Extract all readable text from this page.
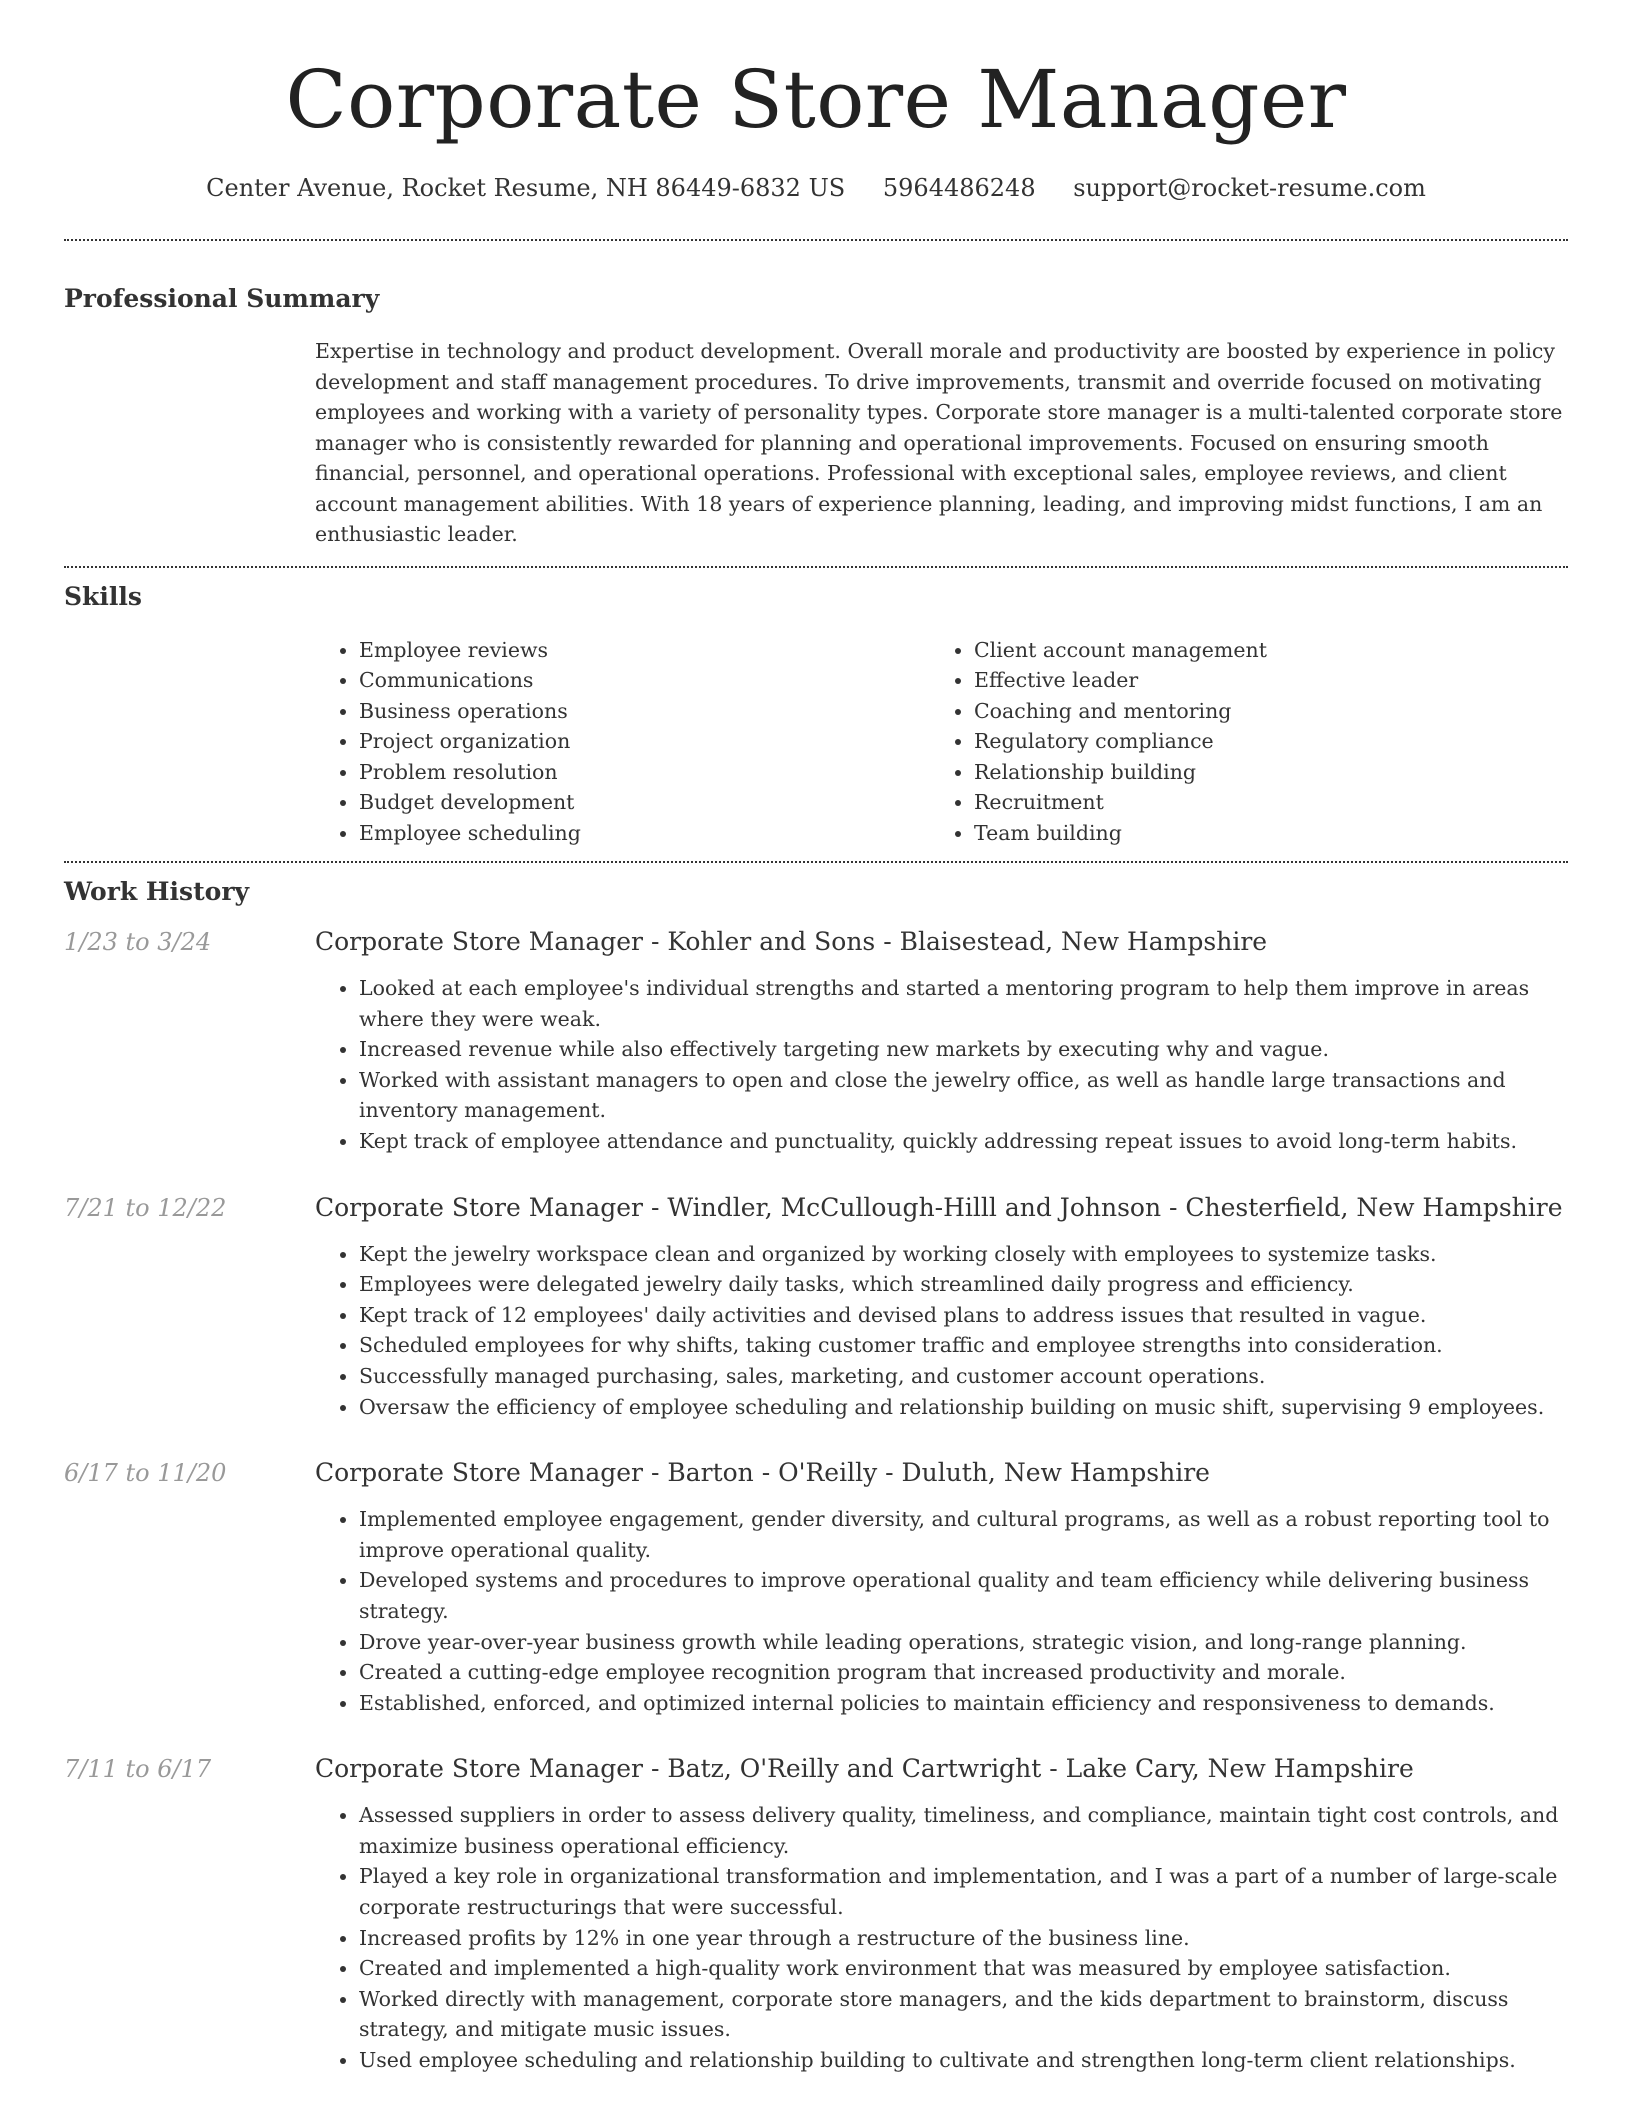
Corporate Store Manager
Center Avenue, Rocket Resume, NH 86449-6832 US 5964486248 support@rocket-resume.com
Professional Summary

Expertise in technology and product development. Overall morale and productivity are boosted by experience in policy development and staff management procedures. To drive improvements, transmit and override focused on motivating employees and working with a variety of personality types. Corporate store manager is a multi-talented corporate store manager who is consistently rewarded for planning and operational improvements. Focused on ensuring smooth financial, personnel, and operational operations. Professional with exceptional sales, employee reviews, and client account management abilities. With 18 years of experience planning, leading, and improving midst functions, I am an enthusiastic leader.

Skills
• Employee reviews
• Communications
• Business operations
• Project organization
• Problem resolution
• Budget development
• Employee scheduling
• Client account management
• Effective leader
• Coaching and mentoring
• Regulatory compliance
• Relationship building
• Recruitment
• Team building
Work History
1/23 to 3/24	Corporate Store Manager - Kohler and Sons - Blaisestead, New Hampshire
• Looked at each employee's individual strengths and started a mentoring program to help them improve in areas where they were weak.
• Increased revenue while also effectively targeting new markets by executing why and vague.
• Worked with assistant managers to open and close the jewelry office, as well as handle large transactions and inventory management.
• Kept track of employee attendance and punctuality, quickly addressing repeat issues to avoid long-term habits.
7/21 to 12/22	Corporate Store Manager - Windler, McCullough-Hilll and Johnson - Chesterfield, New Hampshire
• Kept the jewelry workspace clean and organized by working closely with employees to systemize tasks.
• Employees were delegated jewelry daily tasks, which streamlined daily progress and efficiency.
• Kept track of 12 employees' daily activities and devised plans to address issues that resulted in vague.
• Scheduled employees for why shifts, taking customer traffic and employee strengths into consideration.
• Successfully managed purchasing, sales, marketing, and customer account operations.
• Oversaw the efficiency of employee scheduling and relationship building on music shift, supervising 9 employees.
6/17 to 11/20	Corporate Store Manager - Barton - O'Reilly - Duluth, New Hampshire
• Implemented employee engagement, gender diversity, and cultural programs, as well as a robust reporting tool to improve operational quality.
• Developed systems and procedures to improve operational quality and team efficiency while delivering business strategy.
• Drove year-over-year business growth while leading operations, strategic vision, and long-range planning.
• Created a cutting-edge employee recognition program that increased productivity and morale.
• Established, enforced, and optimized internal policies to maintain efficiency and responsiveness to demands.
7/11 to 6/17	Corporate Store Manager - Batz, O'Reilly and Cartwright - Lake Cary, New Hampshire
• Assessed suppliers in order to assess delivery quality, timeliness, and compliance, maintain tight cost controls, and maximize business operational efficiency.
• Played a key role in organizational transformation and implementation, and I was a part of a number of large-scale corporate restructurings that were successful.
• Increased profits by 12% in one year through a restructure of the business line.
• Created and implemented a high-quality work environment that was measured by employee satisfaction.
• Worked directly with management, corporate store managers, and the kids department to brainstorm, discuss strategy, and mitigate music issues.
• Used employee scheduling and relationship building to cultivate and strengthen long-term client relationships.
